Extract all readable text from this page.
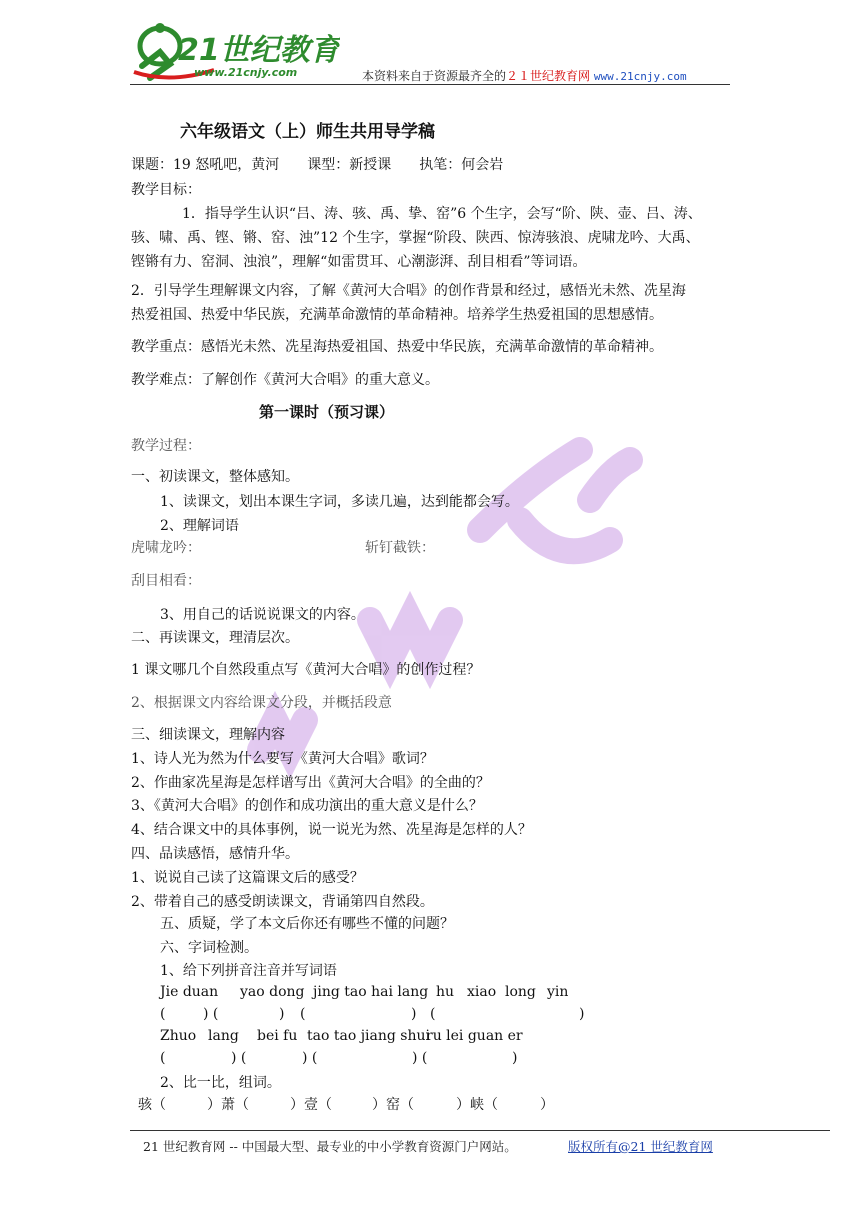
21世纪教育
www.21cnjy.com	本资料来自于资源最齐全的２１世纪教育网 www.21cnjy.com
六年级语文（上）师生共用导学稿
课题：19 怒吼吧，黄河　　课型：新授课　　执笔：何会岩
教学目标：
1．指导学生认识“吕、涛、骇、禹、挚、窑”6 个生字，会写“阶、陕、壶、吕、涛、
骇、啸、禹、铿、锵、窑、浊”12 个生字，掌握“阶段、陕西、惊涛骇浪、虎啸龙吟、大禹、
铿锵有力、窑洞、浊浪”，理解“如雷贯耳、心潮澎湃、刮目相看”等词语。
2．引导学生理解课文内容，了解《黄河大合唱》的创作背景和经过，感悟光未然、冼星海
热爱祖国、热爱中华民族，充满革命激情的革命精神。培养学生热爱祖国的思想感情。
教学重点：感悟光未然、冼星海热爱祖国、热爱中华民族，充满革命激情的革命精神。
教学难点：了解创作《黄河大合唱》的重大意义。
第一课时（预习课）
教学过程：
一、初读课文，整体感知。
1、读课文，划出本课生字词，多读几遍，达到能都会写。
2、理解词语
虎啸龙吟：	斩钉截铁：
刮目相看：
3、用自己的话说说课文的内容。
二、再读课文，理清层次。
1 课文哪几个自然段重点写《黄河大合唱》的创作过程？
2、根据课文内容给课文分段，并概括段意
三、细读课文，理解内容
1、诗人光为然为什么要写《黄河大合唱》歌词？
2、作曲家冼星海是怎样谱写出《黄河大合唱》的全曲的？
3、《黄河大合唱》的创作和成功演出的重大意义是什么？
4、结合课文中的具体事例，说一说光为然、冼星海是怎样的人？
四、品读感悟，感情升华。
1、说说自己读了这篇课文后的感受？
2、带着自己的感受朗读课文，背诵第四自然段。
五、质疑，学了本文后你还有哪些不懂的问题？
六、字词检测。
1、给下列拼音注音并写词语
Jie duan yao dong jing tao hai lang hu xiao long yin
(	) (	) (	) (	)
Zhuo lang bei fu tao tao jiang shui
ru lei guan er
(	) (	) (	) (	)
2、比一比，组词。
骇（	）萧（	）壹（	）窑（	）峡（	）
21 世纪教育网 -- 中国最大型、最专业的中小学教育资源门户网站。	版权所有@21 世纪教育网
